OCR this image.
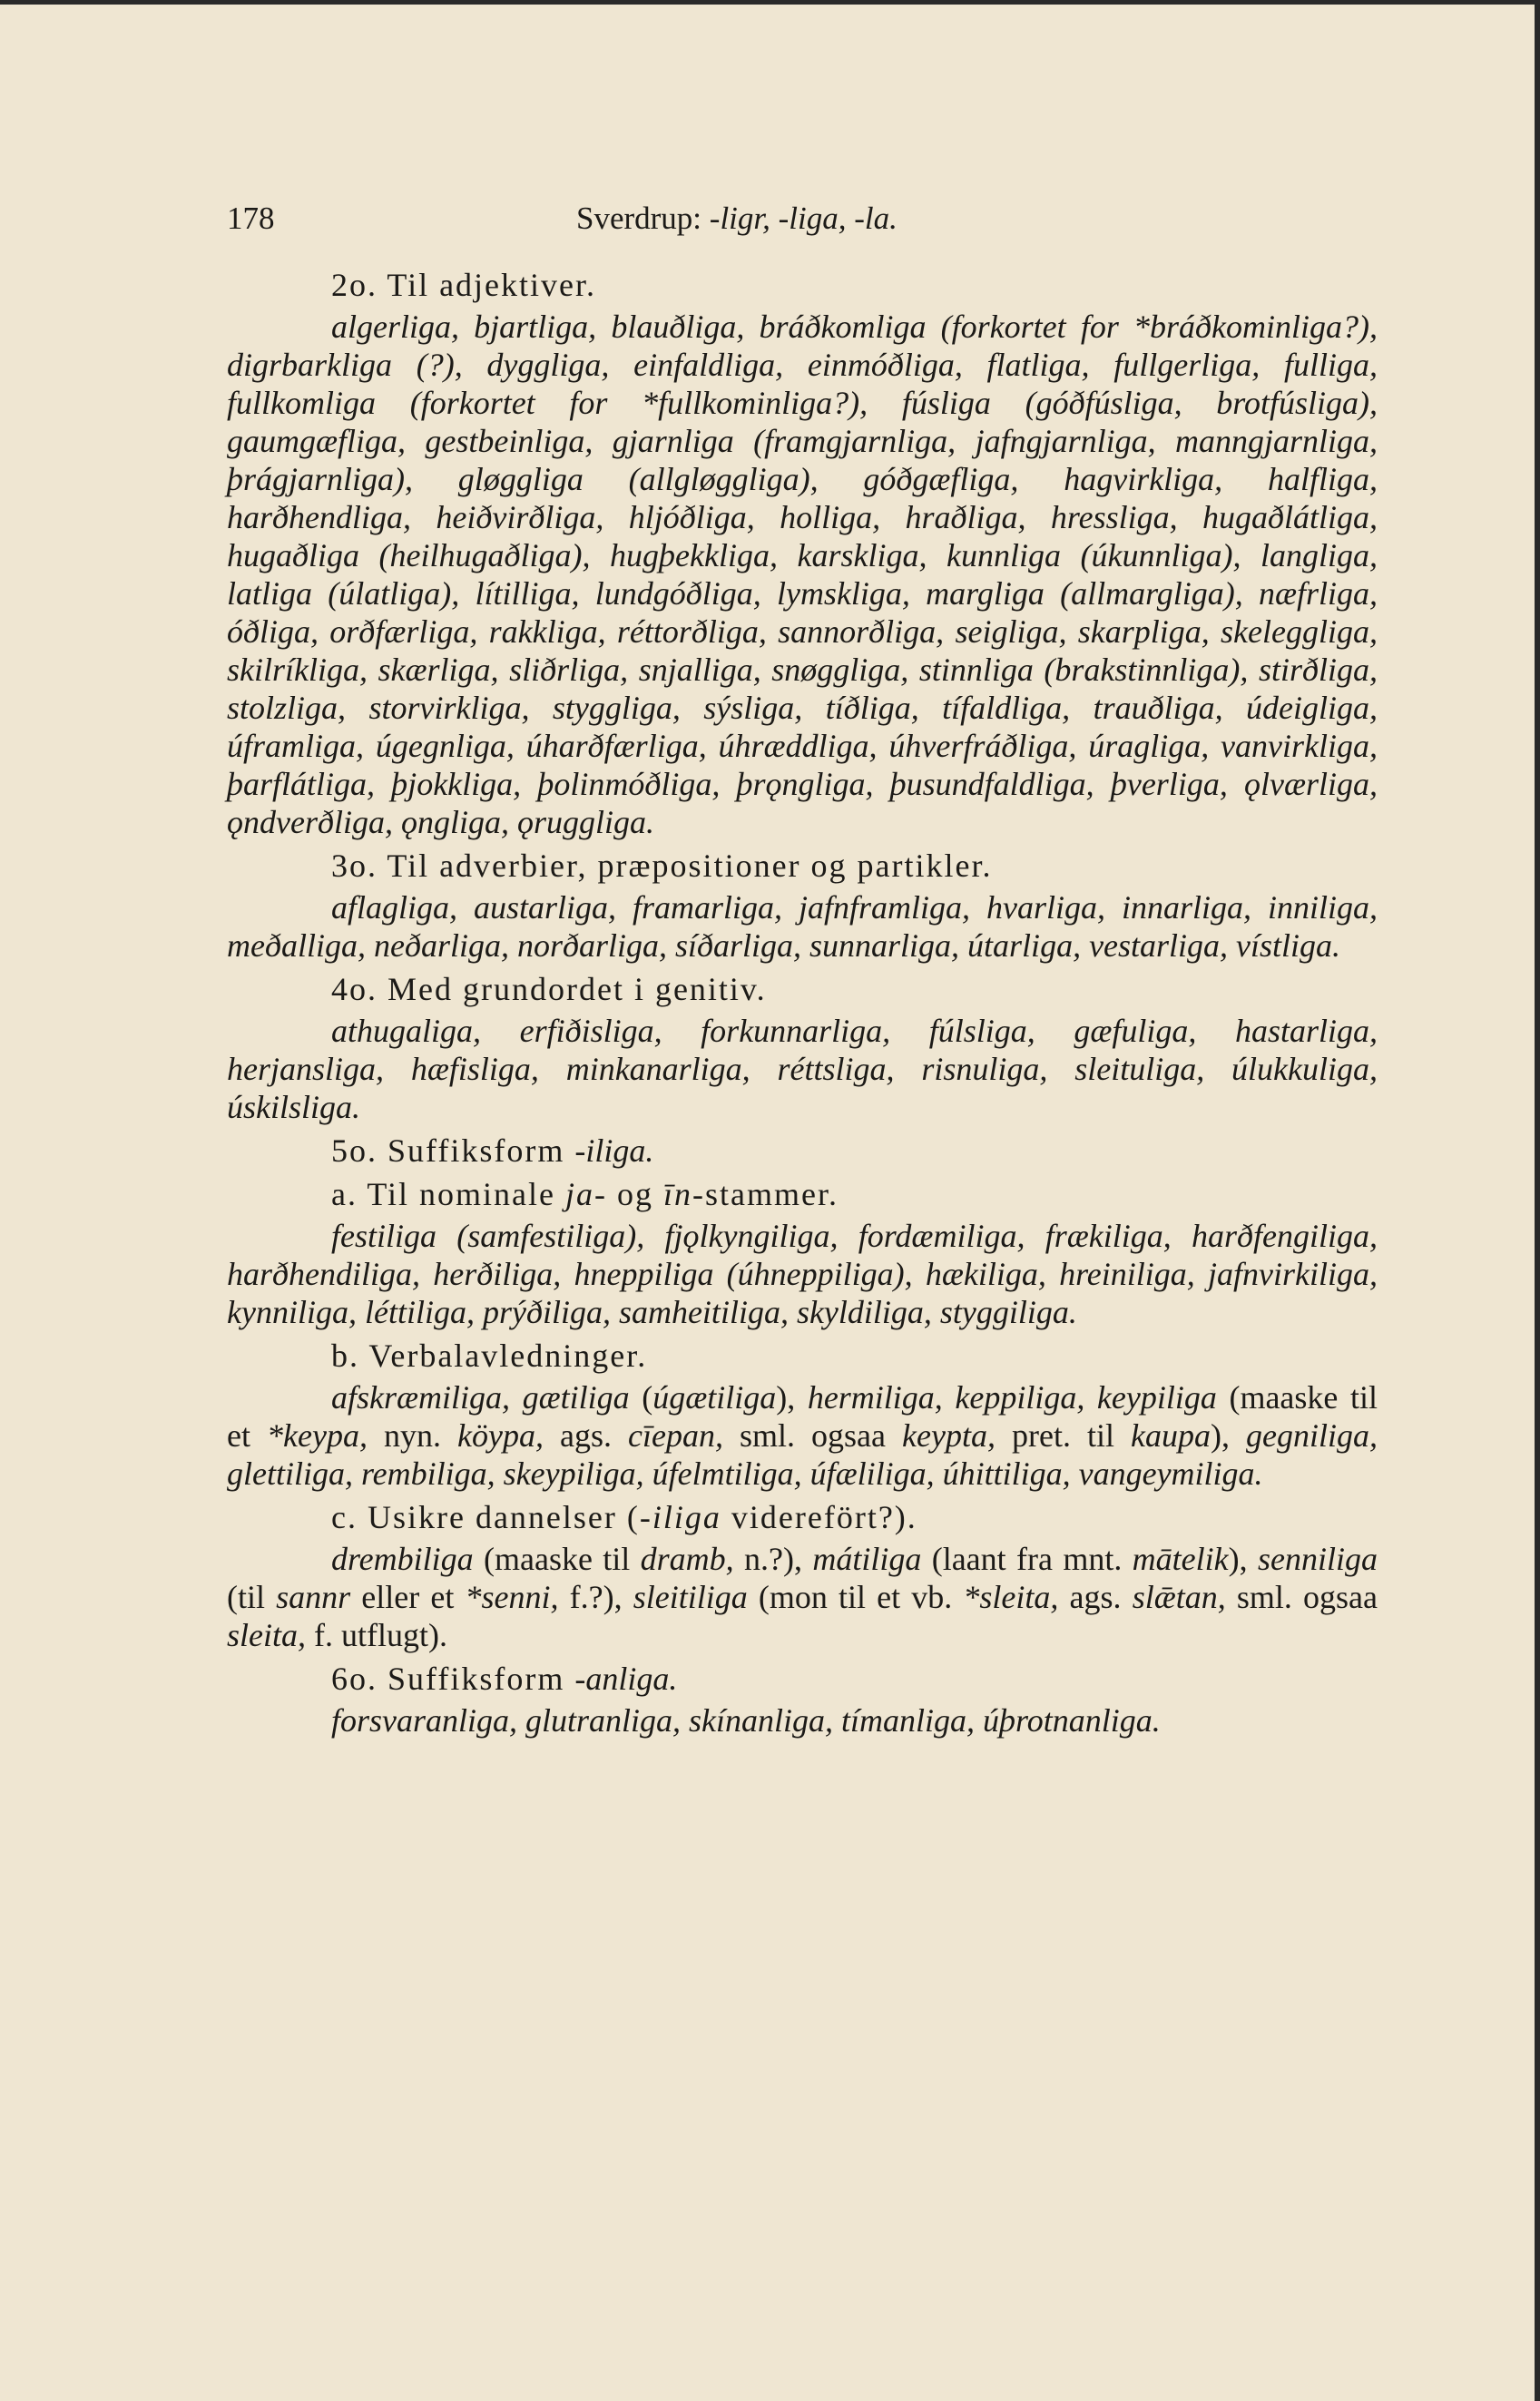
178	Sverdrup: -ligr, -liga, -la.
2o. Til adjektiver.

algerliga, bjartliga, blauðliga, bráðkomliga (forkortet for *bráðkominliga?), digrbarkliga (?), dyggliga, einfaldliga, einmóðliga, flatliga, fullgerliga, fulliga, fullkomliga (forkortet for *fullkominliga?), fúsliga (góðfúsliga, brotfúsliga), gaumgæfliga, gestbeinliga, gjarnliga (framgjarnliga, jafngjarnliga, manngjarnliga, þrágjarnliga), gløggliga (allgløggliga), góðgæfliga, hagvirkliga, halfliga, harðhendliga, heiðvirðliga, hljóðliga, holliga, hraðliga, hressliga, hugaðlátliga, hugaðliga (heilhugaðliga), hugþekkliga, karskliga, kunnliga (úkunnliga), langliga, latliga (úlatliga), lítilliga, lundgóðliga, lymskliga, margliga (allmargliga), næfrliga, óðliga, orðfærliga, rakkliga, réttorðliga, sannorðliga, seigliga, skarpliga, skeleggliga, skilríkliga, skærliga, sliðrliga, snjalliga, snøggliga, stinnliga (brakstinnliga), stirðliga, stolzliga, storvirkliga, styggliga, sýsliga, tíðliga, tífaldliga, trauðliga, údeigliga, úframliga, úgegnliga, úharðfærliga, úhræddliga, úhverfráðliga, úragliga, vanvirkliga, þarflátliga, þjokkliga, þolinmóðliga, þrǫngliga, þusundfaldliga, þverliga, ǫlværliga, ǫndverðliga, ǫngliga, ǫruggliga.

3o. Til adverbier, præpositioner og partikler.

aflagliga, austarliga, framarliga, jafnframliga, hvarliga, innarliga, inniliga, meðalliga, neðarliga, norðarliga, síðarliga, sunnarliga, útarliga, vestarliga, vístliga.

4o. Med grundordet i genitiv.

athugaliga, erfiðisliga, forkunnarliga, fúlsliga, gæfuliga, hastarliga, herjansliga, hæfisliga, minkanarliga, réttsliga, risnuliga, sleituliga, úlukkuliga, úskilsliga.

5o. Suffiksform -iliga.
a. Til nominale ja- og īn-stammer.

festiliga (samfestiliga), fjǫlkyngiliga, fordæmiliga, frækiliga, harðfengiliga, harðhendiliga, herðiliga, hneppiliga (úhneppiliga), hækiliga, hreiniliga, jafnvirkiliga, kynniliga, léttiliga, prýðiliga, samheitiliga, skyldiliga, styggiliga.

b. Verbalavledninger.

afskræmiliga, gætiliga (úgætiliga), hermiliga, keppiliga, keypiliga (maaske til et *keypa, nyn. köypa, ags. cīepan, sml. ogsaa keypta, pret. til kaupa), gegniliga, glettiliga, rembiliga, skeypiliga, úfelmtiliga, úfæliliga, úhittiliga, vangeymiliga.

c. Usikre dannelser (-iliga viderefört?).

drembiliga (maaske til dramb, n.?), mátiliga (laant fra mnt. mātelik), senniliga (til sannr eller et *senni, f.?), sleitiliga (mon til et vb. *sleita, ags. slǣtan, sml. ogsaa sleita, f. utflugt).

6o. Suffiksform -anliga.

forsvaranliga, glutranliga, skínanliga, tímanliga, úþrotnanliga.
